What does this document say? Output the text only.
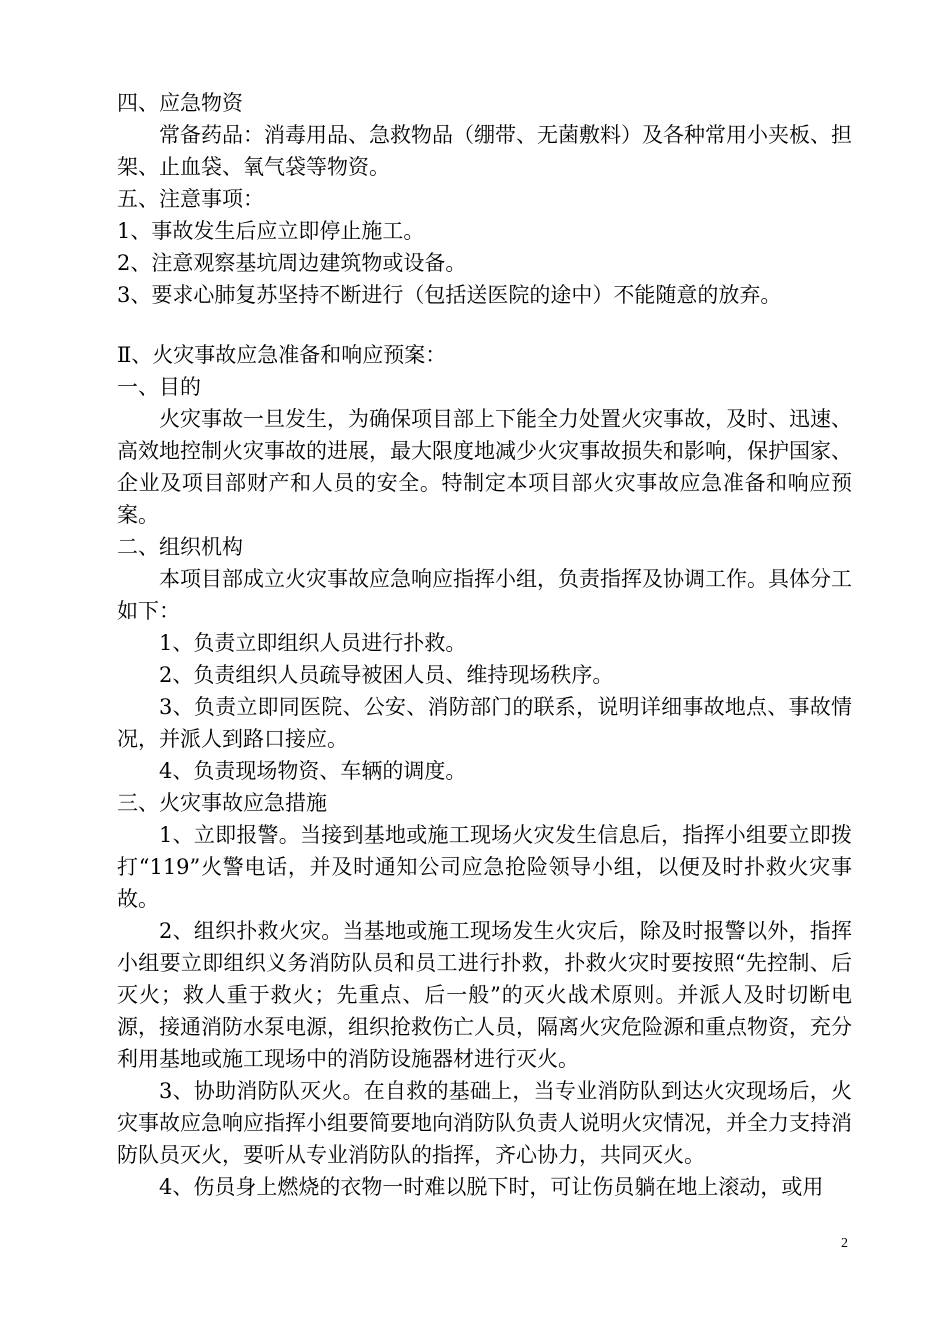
四、应急物资
常备药品：消毒用品、急救物品（绷带、无菌敷料）及各种常用小夹板、担架、止血袋、氧气袋等物资。
五、注意事项：
1、事故发生后应立即停止施工。
2、注意观察基坑周边建筑物或设备。
3、要求心肺复苏坚持不断进行（包括送医院的途中）不能随意的放弃。
Ⅱ、火灾事故应急准备和响应预案：
一、目的
火灾事故一旦发生，为确保项目部上下能全力处置火灾事故，及时、迅速、高效地控制火灾事故的进展，最大限度地减少火灾事故损失和影响，保护国家、企业及项目部财产和人员的安全。特制定本项目部火灾事故应急准备和响应预案。
二、组织机构
本项目部成立火灾事故应急响应指挥小组，负责指挥及协调工作。具体分工如下：
1、负责立即组织人员进行扑救。
2、负责组织人员疏导被困人员、维持现场秩序。
3、负责立即同医院、公安、消防部门的联系，说明详细事故地点、事故情况，并派人到路口接应。
4、负责现场物资、车辆的调度。
三、火灾事故应急措施
1、立即报警。当接到基地或施工现场火灾发生信息后，指挥小组要立即拨打“119”火警电话，并及时通知公司应急抢险领导小组，以便及时扑救火灾事故。
2、组织扑救火灾。当基地或施工现场发生火灾后，除及时报警以外，指挥小组要立即组织义务消防队员和员工进行扑救，扑救火灾时要按照“先控制、后灭火；救人重于救火；先重点、后一般”的灭火战术原则。并派人及时切断电源，接通消防水泵电源，组织抢救伤亡人员，隔离火灾危险源和重点物资，充分利用基地或施工现场中的消防设施器材进行灭火。
3、协助消防队灭火。在自救的基础上，当专业消防队到达火灾现场后，火灾事故应急响应指挥小组要简要地向消防队负责人说明火灾情况，并全力支持消防队员灭火，要听从专业消防队的指挥，齐心协力，共同灭火。
4、伤员身上燃烧的衣物一时难以脱下时，可让伤员躺在地上滚动，或用
2
